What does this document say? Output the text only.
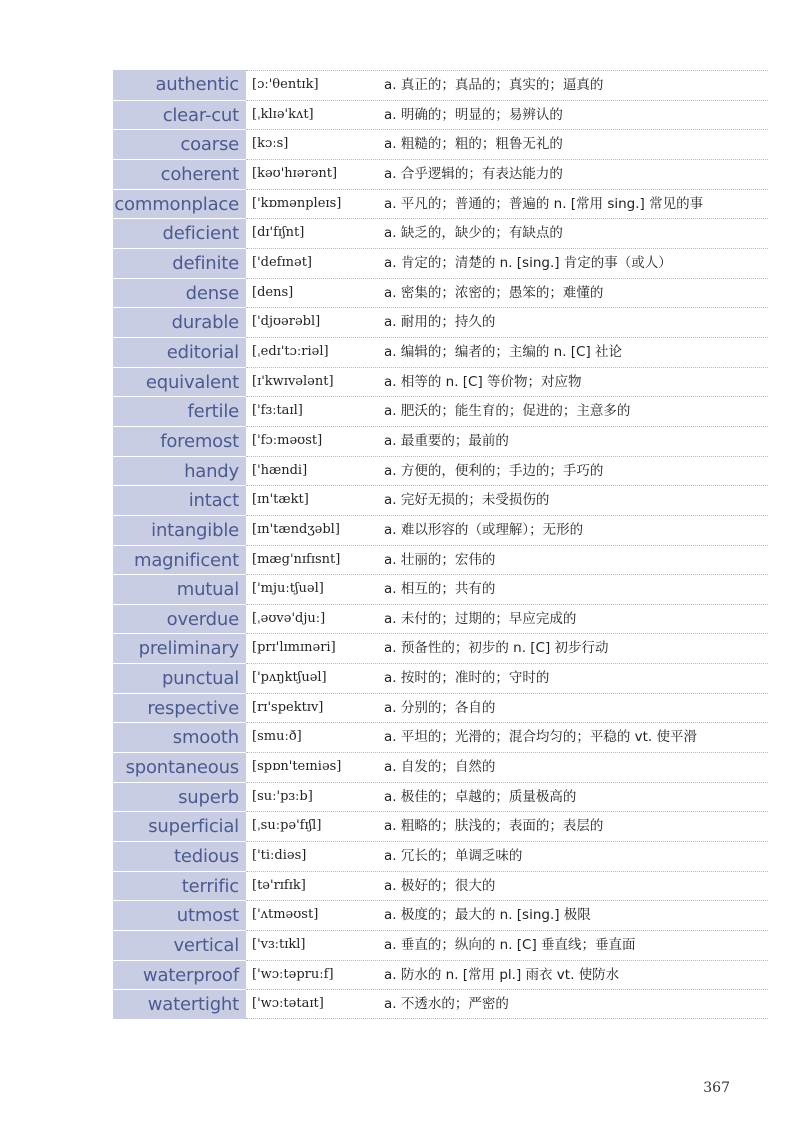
authentic	[ɔː'θentɪk]	a. 真正的；真品的；真实的；逼真的
clear-cut	[ˌklɪə'kʌt]	a. 明确的；明显的；易辨认的
coarse	[kɔːs]	a. 粗糙的；粗的；粗鲁无礼的
coherent	[kəʊ'hɪərənt]	a. 合乎逻辑的；有表达能力的
commonplace	['kɒmənpleɪs]	a. 平凡的；普通的；普遍的 n. [常用 sing.] 常见的事
deficient	[dɪ'fɪʃnt]	a. 缺乏的，缺少的；有缺点的
definite	['defɪnət]	a. 肯定的；清楚的 n. [sing.] 肯定的事（或人）
dense	[dens]	a. 密集的；浓密的；愚笨的；难懂的
durable	['djʊərəbl]	a. 耐用的；持久的
editorial	[ˌedɪ'tɔːriəl]	a. 编辑的；编者的；主编的 n. [C] 社论
equivalent	[ɪ'kwɪvələnt]	a. 相等的 n. [C] 等价物；对应物
fertile	['fɜːtaɪl]	a. 肥沃的；能生育的；促进的；主意多的
foremost	['fɔːməʊst]	a. 最重要的；最前的
handy	['hændi]	a. 方便的，便利的；手边的；手巧的
intact	[ɪn'tækt]	a. 完好无损的；未受损伤的
intangible	[ɪn'tændʒəbl]	a. 难以形容的（或理解）；无形的
magnificent	[mæg'nɪfɪsnt]	a. 壮丽的；宏伟的
mutual	['mjuːtʃuəl]	a. 相互的；共有的
overdue	[ˌəʊvə'djuː]	a. 未付的；过期的；早应完成的
preliminary	[prɪ'lɪmɪnəri]	a. 预备性的；初步的 n. [C] 初步行动
punctual	['pʌŋktʃuəl]	a. 按时的；准时的；守时的
respective	[rɪ'spektɪv]	a. 分别的；各自的
smooth	[smuːð]	a. 平坦的；光滑的；混合均匀的；平稳的 vt. 使平滑
spontaneous	[spɒn'teɪniəs]	a. 自发的；自然的
superb	[suː'pɜːb]	a. 极佳的；卓越的；质量极高的
superficial	[ˌsuːpə'fɪʃl]	a. 粗略的；肤浅的；表面的；表层的
tedious	['tiːdiəs]	a. 冗长的；单调乏味的
terrific	[tə'rɪfɪk]	a. 极好的；很大的
utmost	['ʌtməʊst]	a. 极度的；最大的 n. [sing.] 极限
vertical	['vɜːtɪkl]	a. 垂直的；纵向的 n. [C] 垂直线；垂直面
waterproof	['wɔːtəpruːf]	a. 防水的 n. [常用 pl.] 雨衣 vt. 使防水
watertight	['wɔːtətaɪt]	a. 不透水的；严密的
367
